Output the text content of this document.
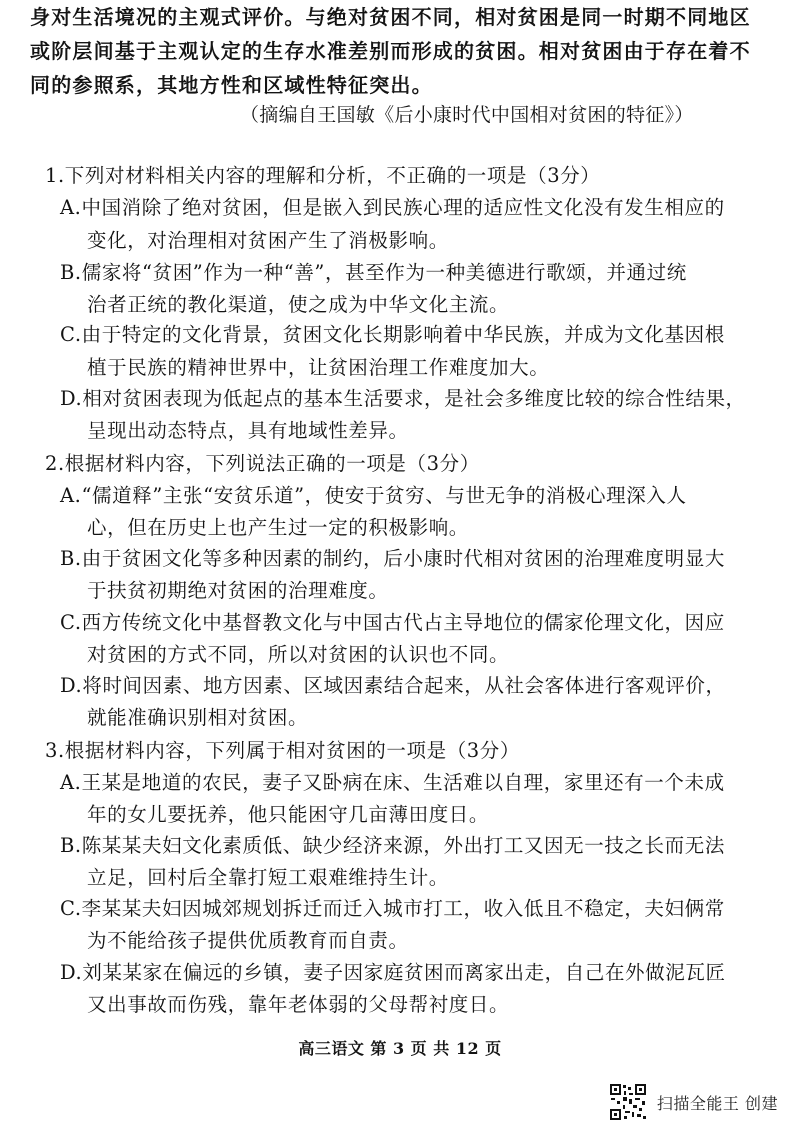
身对生活境况的主观式评价。与绝对贫困不同，相对贫困是同一时期不同地区
或阶层间基于主观认定的生存水准差别而形成的贫困。相对贫困由于存在着不
同的参照系，其地方性和区域性特征突出。
（摘编自王国敏《后小康时代中国相对贫困的特征》）
1.下列对材料相关内容的理解和分析，不正确的一项是（3分）
A.中国消除了绝对贫困，但是嵌入到民族心理的适应性文化没有发生相应的
变化，对治理相对贫困产生了消极影响。
B.儒家将“贫困”作为一种“善”，甚至作为一种美德进行歌颂，并通过统
治者正统的教化渠道，使之成为中华文化主流。
C.由于特定的文化背景，贫困文化长期影响着中华民族，并成为文化基因根
植于民族的精神世界中，让贫困治理工作难度加大。
D.相对贫困表现为低起点的基本生活要求，是社会多维度比较的综合性结果，
呈现出动态特点，具有地域性差异。
2.根据材料内容，下列说法正确的一项是（3分）
A.“儒道释”主张“安贫乐道”，使安于贫穷、与世无争的消极心理深入人
心，但在历史上也产生过一定的积极影响。
B.由于贫困文化等多种因素的制约，后小康时代相对贫困的治理难度明显大
于扶贫初期绝对贫困的治理难度。
C.西方传统文化中基督教文化与中国古代占主导地位的儒家伦理文化，因应
对贫困的方式不同，所以对贫困的认识也不同。
D.将时间因素、地方因素、区域因素结合起来，从社会客体进行客观评价，
就能准确识别相对贫困。
3.根据材料内容，下列属于相对贫困的一项是（3分）
A.王某是地道的农民，妻子又卧病在床、生活难以自理，家里还有一个未成
年的女儿要抚养，他只能困守几亩薄田度日。
B.陈某某夫妇文化素质低、缺少经济来源，外出打工又因无一技之长而无法
立足，回村后全靠打短工艰难维持生计。
C.李某某夫妇因城郊规划拆迁而迁入城市打工，收入低且不稳定，夫妇俩常
为不能给孩子提供优质教育而自责。
D.刘某某家在偏远的乡镇，妻子因家庭贫困而离家出走，自己在外做泥瓦匠
又出事故而伤残，靠年老体弱的父母帮衬度日。
高三语文 第 3 页 共 12 页
扫描全能王 创建
